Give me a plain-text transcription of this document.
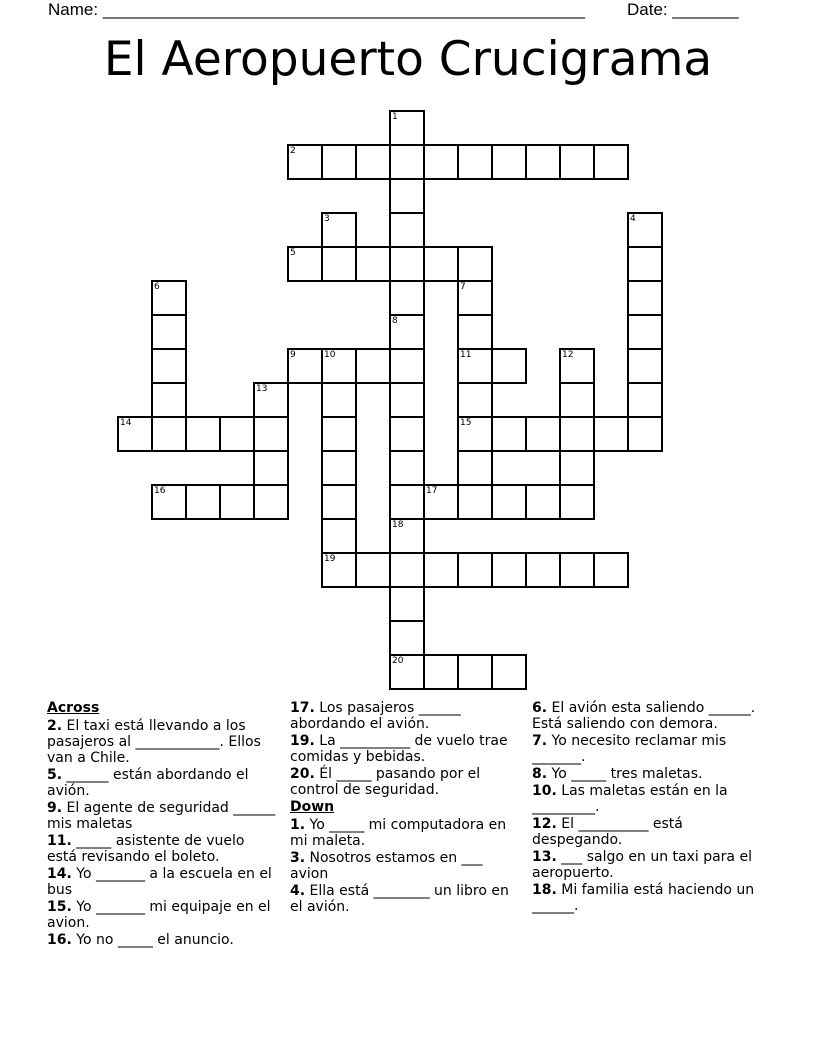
Name: ___________________________________________________	Date: _______
El Aeropuerto Crucigrama
1
2
3	4
5
6	7
11
15
8
9	10
19
12
13
14
16	17
18
20
Across
2. El taxi está llevando a los pasajeros al ____________. Ellos van a Chile.
5. ______ están abordando el avión.
9. El agente de seguridad ______ mis maletas
11. _____ asistente de vuelo está revisando el boleto.
14. Yo _______ a la escuela en el bus
15. Yo _______ mi equipaje en el avion.
16. Yo no _____ el anuncio.
17. Los pasajeros ______ abordando el avión.
19. La __________ de vuelo trae comidas y bebidas.
20. Él _____ pasando por el control de seguridad.
Down
1. Yo _____ mi computadora en mi maleta.
3. Nosotros estamos en ___ avion
4. Ella está ________ un libro en el avión.
6. El avión esta saliendo ______. Está saliendo con demora.
7. Yo necesito reclamar mis _______.
8. Yo _____ tres maletas.
10. Las maletas están en la _________.
12. El __________ está despegando.
13. ___ salgo en un taxi para el aeropuerto.
18. Mi familia está haciendo un ______.
